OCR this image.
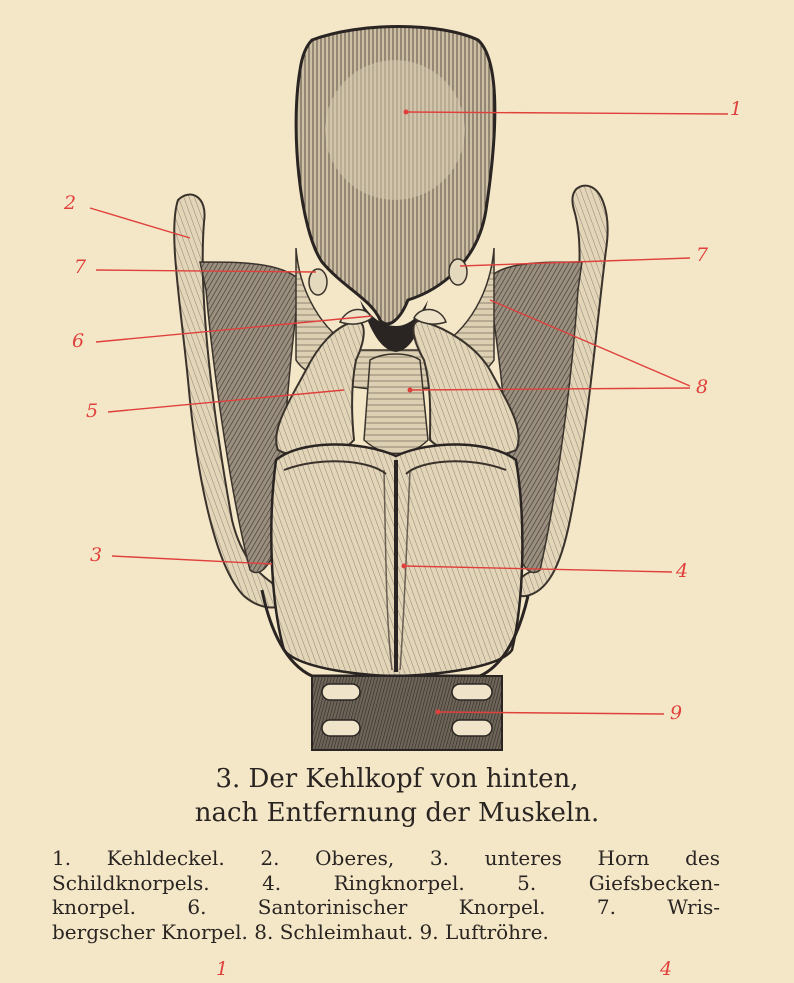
1
2
3
4
5
6
7
7
8
9
3. Der Kehlkopf von hinten,
nach Entfernung der Muskeln.
1. Kehldeckel. 2. Oberes, 3. unteres Horn des
Schildknorpels. 4. Ringknorpel. 5. Giefsbecken-
knorpel. 6. Santorinischer Knorpel. 7. Wris-
bergscher Knorpel. 8. Schleimhaut. 9. Luftröhre.
1	4
